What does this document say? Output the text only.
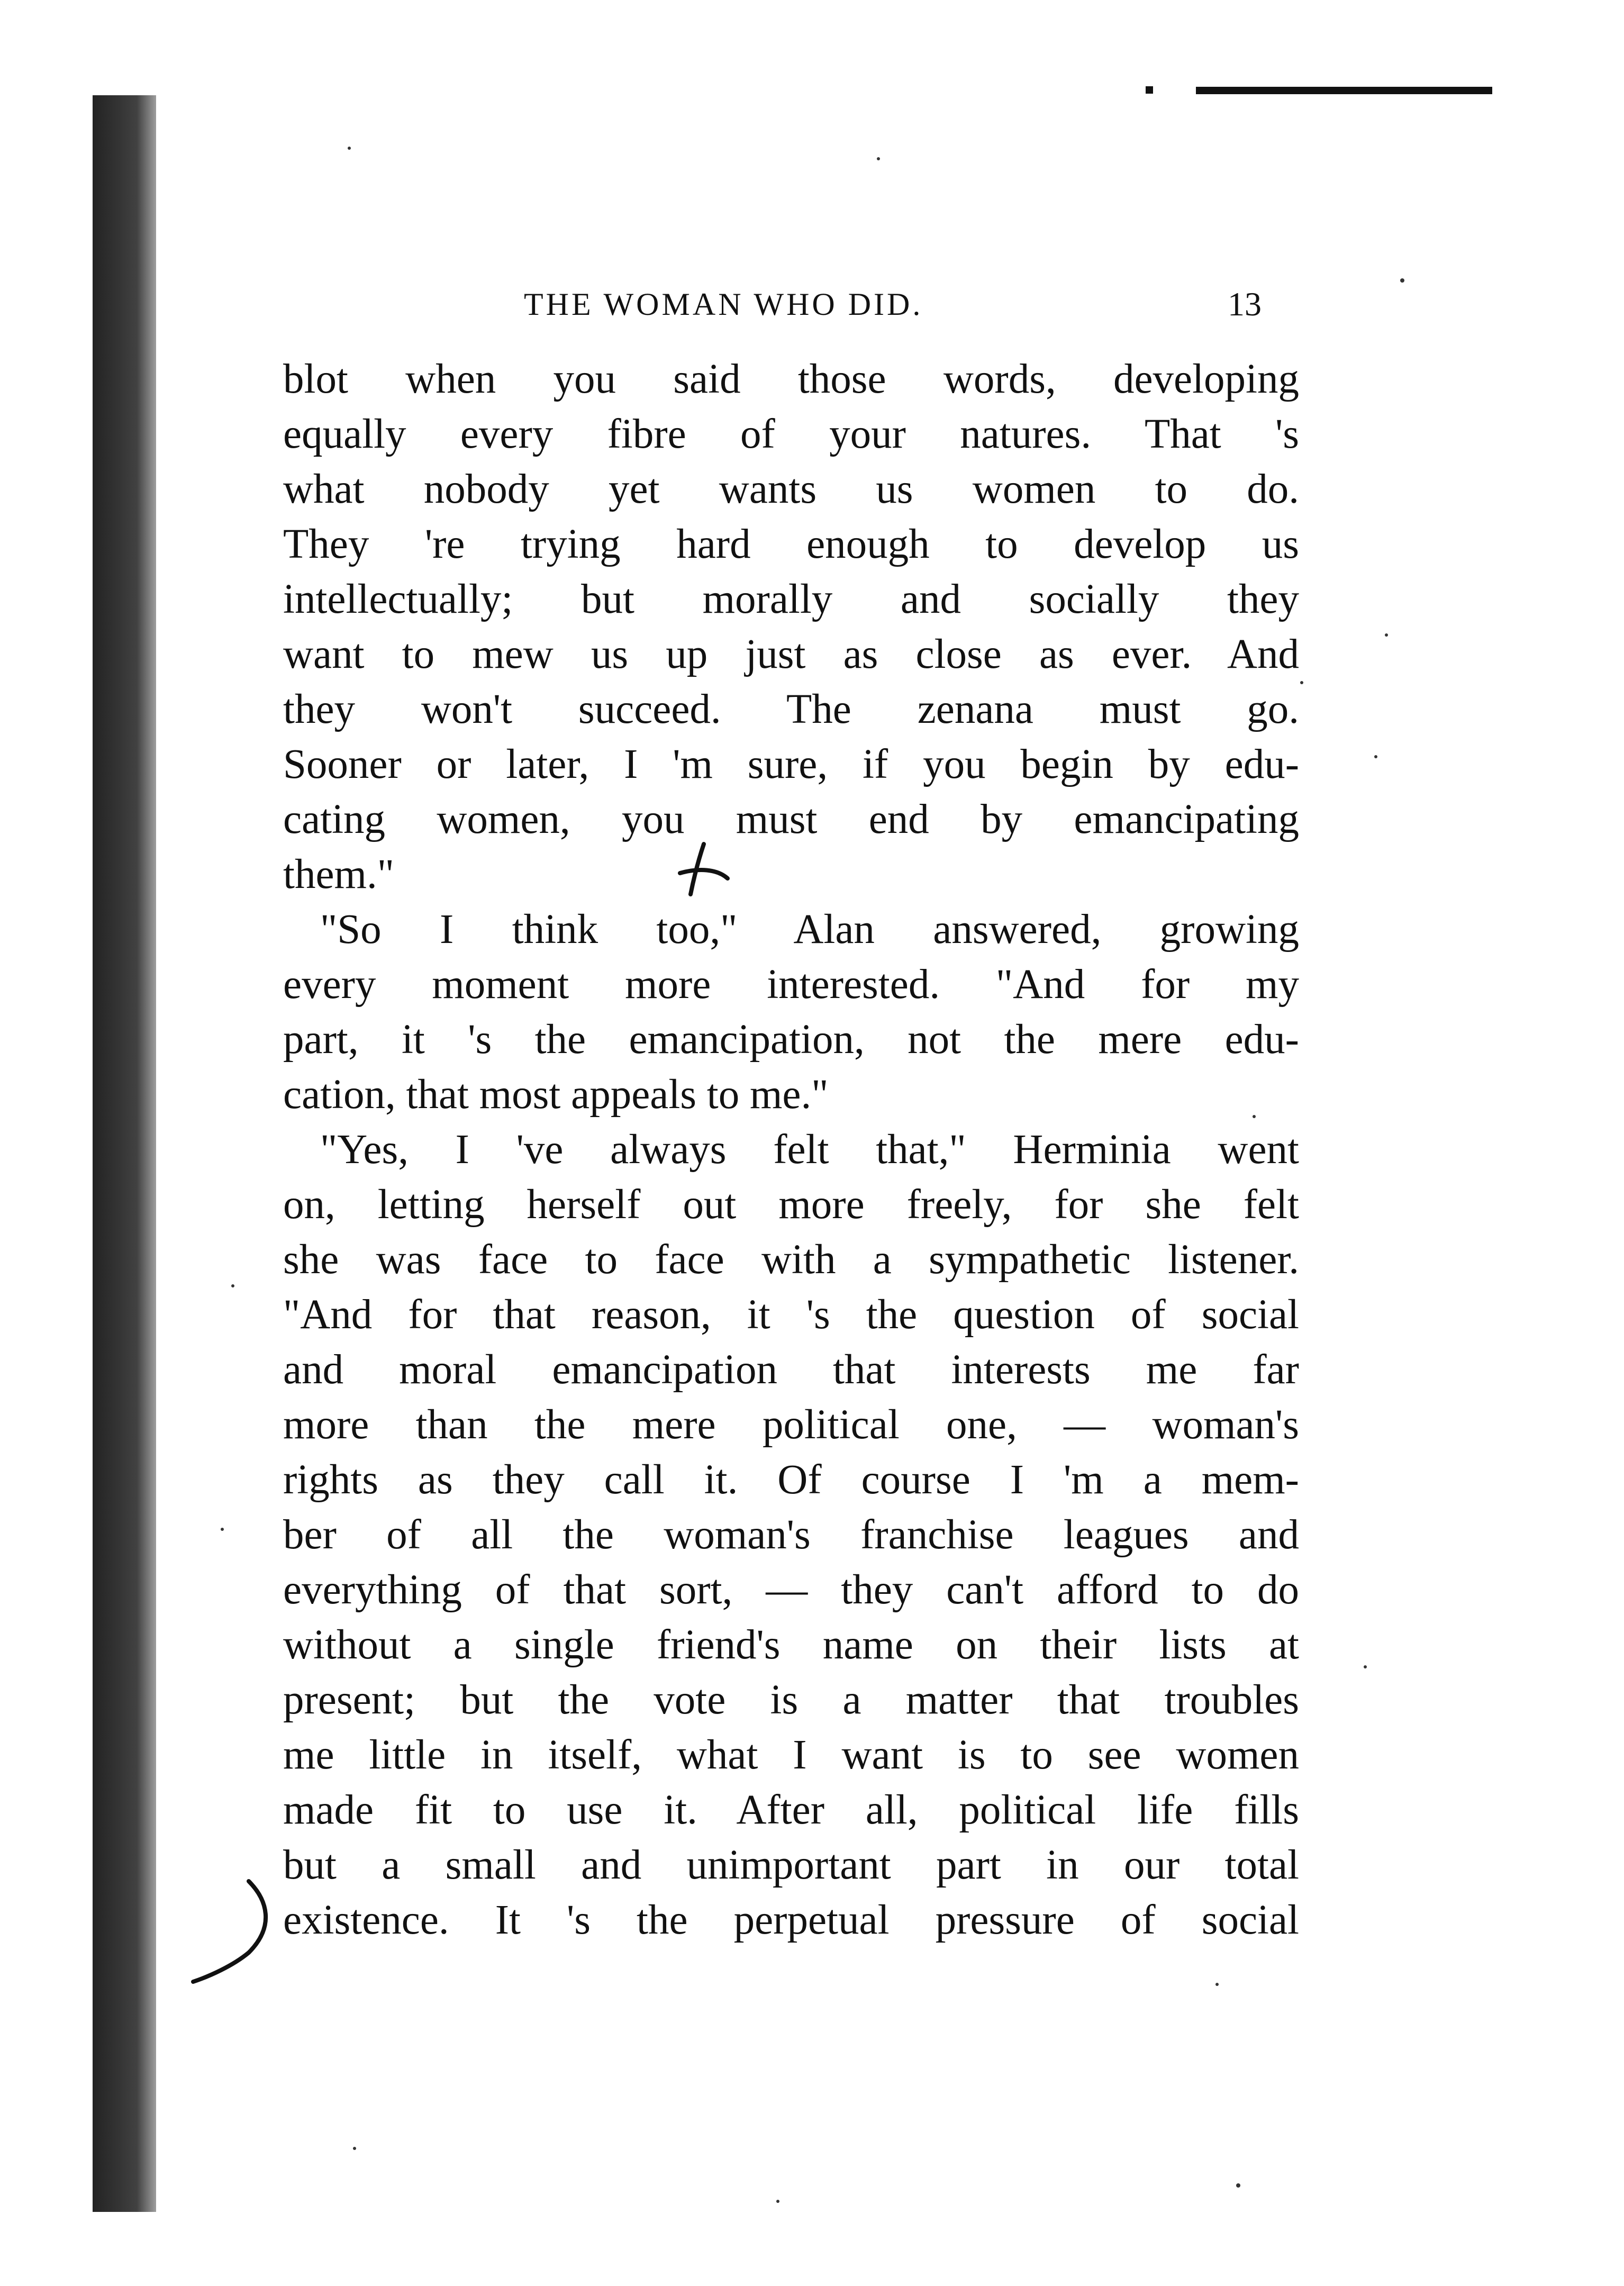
THE WOMAN WHO DID.	13
blot when you said those words, developing
equally every fibre of your natures. That 's
what nobody yet wants us women to do.
They 're trying hard enough to develop us
intellectually; but morally and socially they
want to mew us up just as close as ever. And
they won't succeed. The zenana must go.
Sooner or later, I 'm sure, if you begin by edu-
cating women, you must end by emancipating
them."
"So I think too," Alan answered, growing
every moment more interested. "And for my
part, it 's the emancipation, not the mere edu-
cation, that most appeals to me."
"Yes, I 've always felt that," Herminia went
on, letting herself out more freely, for she felt
she was face to face with a sympathetic listener.
"And for that reason, it 's the question of social
and moral emancipation that interests me far
more than the mere political one, — woman's
rights as they call it. Of course I 'm a mem-
ber of all the woman's franchise leagues and
everything of that sort, — they can't afford to do
without a single friend's name on their lists at
present; but the vote is a matter that troubles
me little in itself, what I want is to see women
made fit to use it. After all, political life fills
but a small and unimportant part in our total
existence. It 's the perpetual pressure of social
